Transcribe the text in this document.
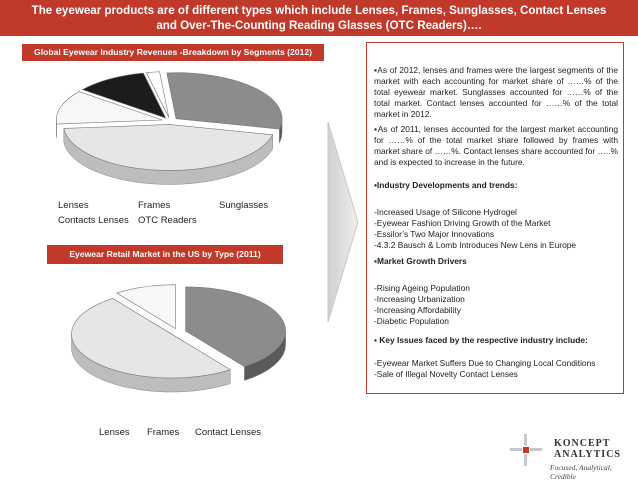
The eyewear products are of different types which include Lenses, Frames, Sunglasses, Contact Lenses
and Over-The-Counting Reading Glasses (OTC Readers)….
Global Eyewear Industry Revenues -Breakdown by Segments (2012)
Lenses	Frames	Sunglasses
Contacts Lenses OTC Readers
Eyewear Retail Market in the US by Type (2011)
Lenses Frames Contact Lenses

▪As of 2012, lenses and frames were the largest segments of the market with each accounting for market share of ……% of the total eyewear market. Sunglasses accounted for ……% of the total market. Contact lenses accounted for ……% of the total market in 2012.

▪As of 2011, lenses accounted for the largest market accounting for ……% of the total market share followed by frames with market share of ……%. Contact lenses share accounted for …..% and is expected to increase in the future.

•Industry Developments and trends:

-Increased Usage of Silicone Hydrogel

-Eyewear Fashion Driving Growth of the Market

-Essilor’s Two Major Innovations

-4.3.2 Bausch & Lomb Introduces New Lens in Europe

▪Market Growth Drivers

-Rising Ageing Population

-Increasing Urbanization

-Increasing Affordability

-Diabetic Population

▪ Key Issues faced by the respective industry include:

-Eyewear Market Suffers Due to Changing Local Conditions

-Sale of Illegal Novelty Contact Lenses

KONCEPT
ANALYTICS
Focused, Analytical, Credible
